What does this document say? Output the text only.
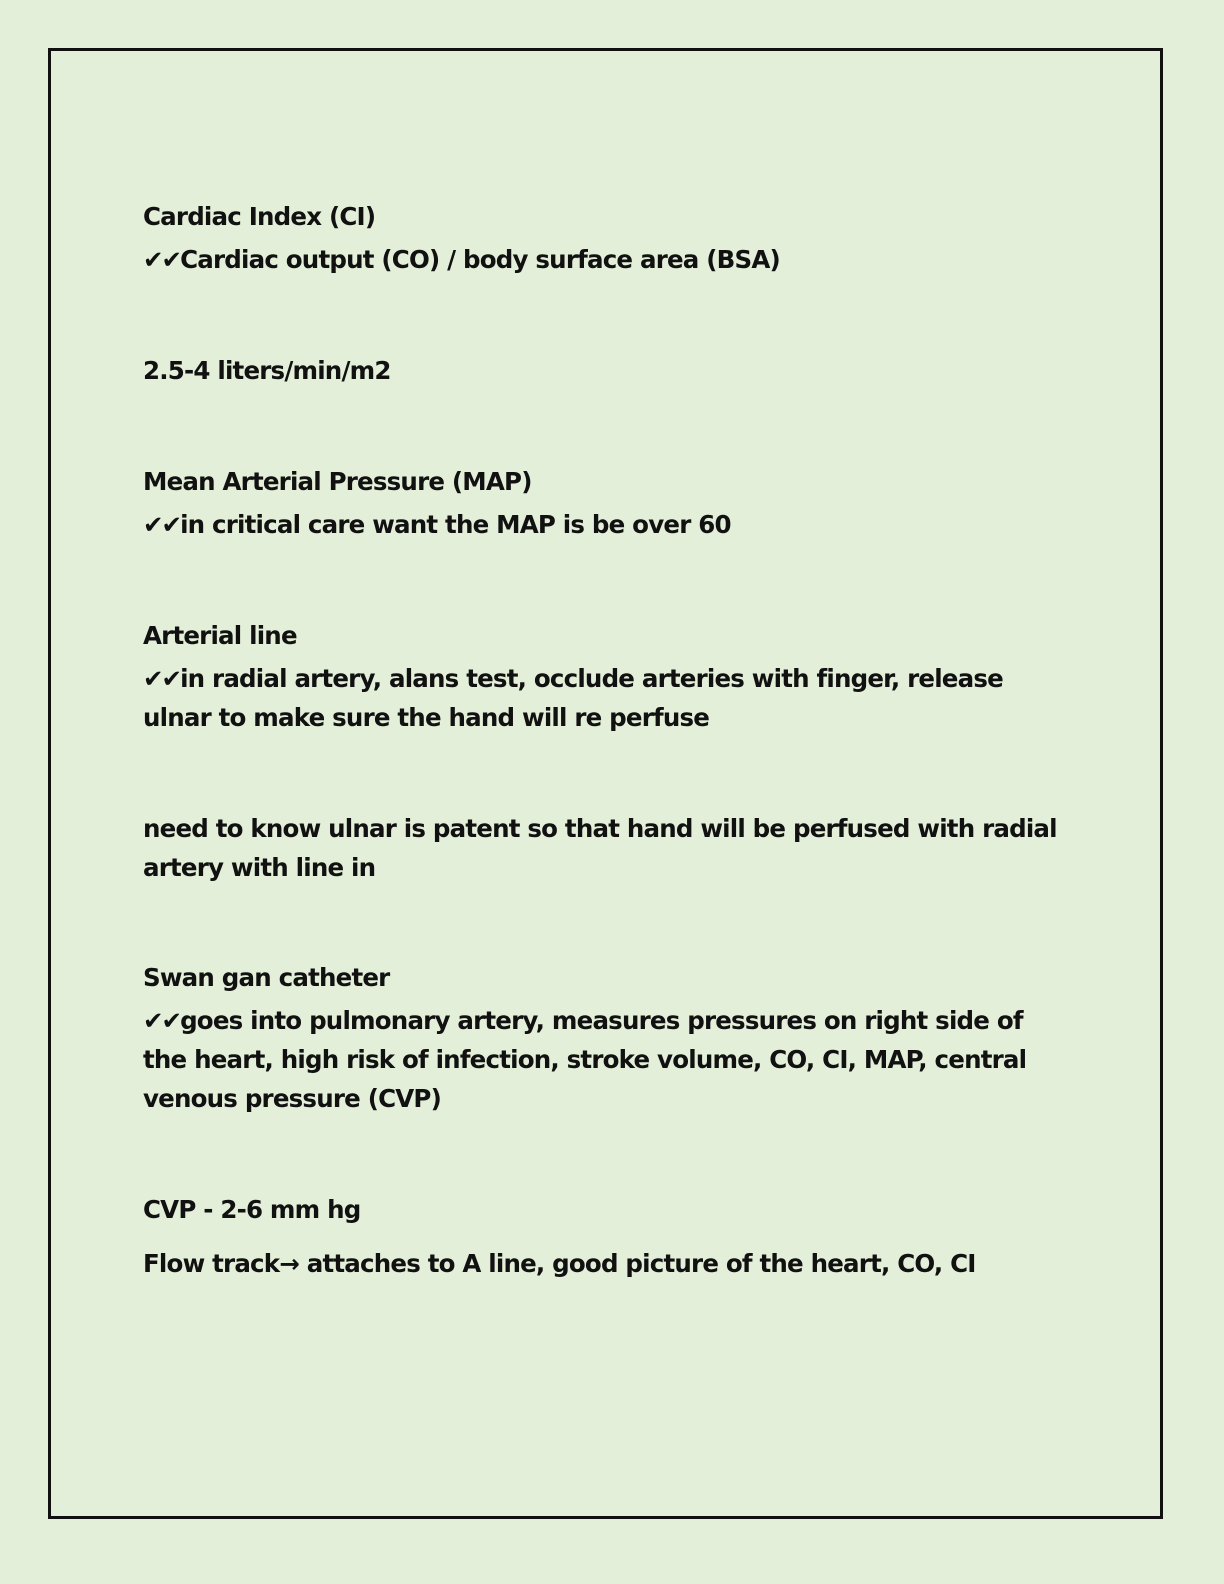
Cardiac Index (CI)

✔✔Cardiac output (CO) / body surface area (BSA)

2.5-4 liters/min/m2

Mean Arterial Pressure (MAP)

✔✔in critical care want the MAP is be over 60

Arterial line

✔✔in radial artery, alans test, occlude arteries with finger, release ulnar to make sure the hand will re perfuse

need to know ulnar is patent so that hand will be perfused with radial artery with line in

Swan gan catheter

✔✔goes into pulmonary artery, measures pressures on right side of the heart, high risk of infection, stroke volume, CO, CI, MAP, central venous pressure (CVP)

CVP - 2-6 mm hg

Flow track→ attaches to A line, good picture of the heart, CO, CI
